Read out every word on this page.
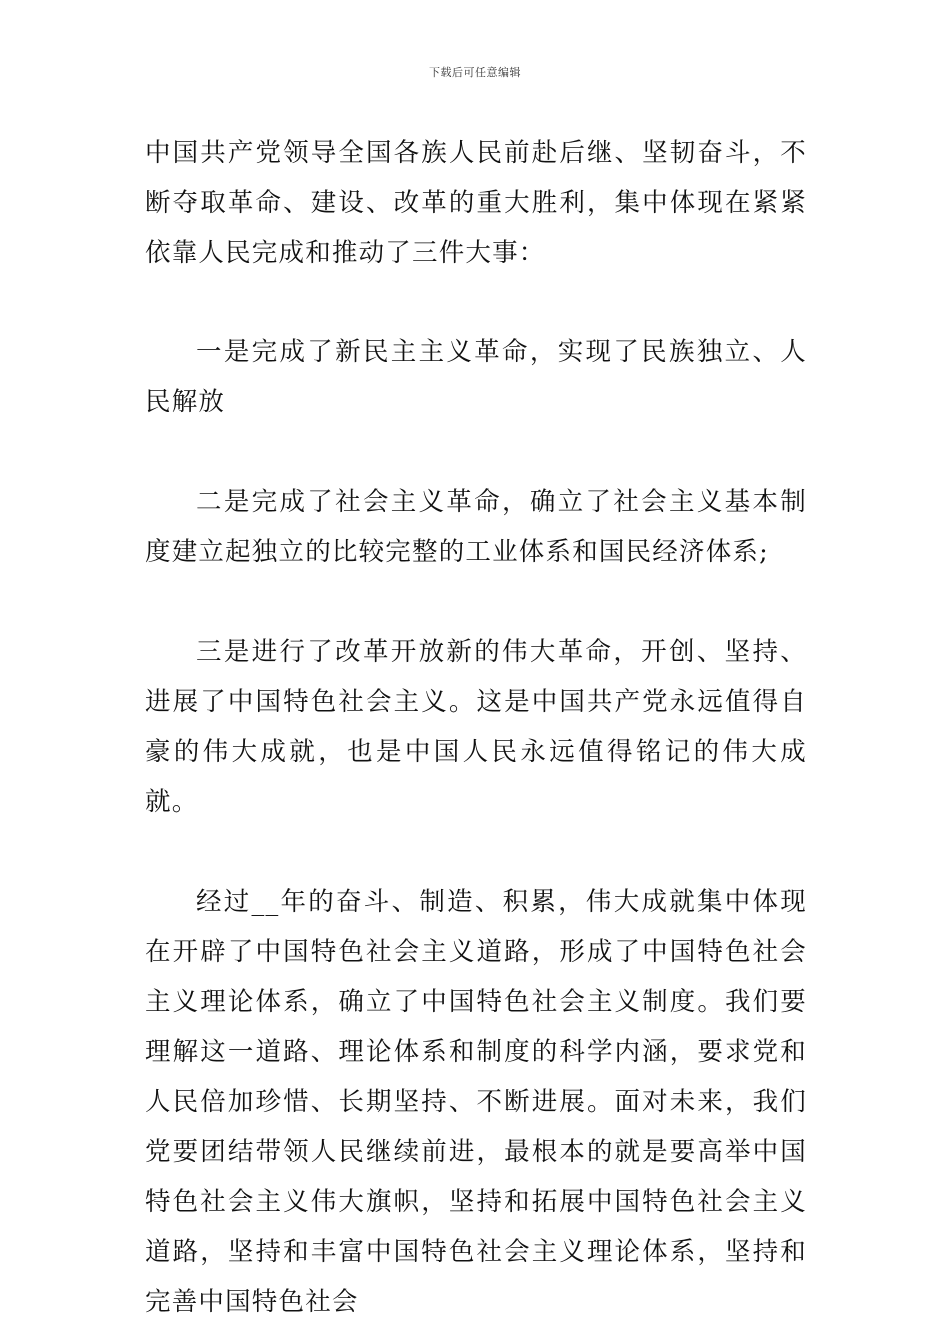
下载后可任意编辑

中国共产党领导全国各族人民前赴后继、坚韧奋斗，不断夺取革命、建设、改革的重大胜利，集中体现在紧紧依靠人民完成和推动了三件大事：

一是完成了新民主主义革命，实现了民族独立、人民解放

二是完成了社会主义革命，确立了社会主义基本制度建立起独立的比较完整的工业体系和国民经济体系;

三是进行了改革开放新的伟大革命，开创、坚持、进展了中国特色社会主义。这是中国共产党永远值得自豪的伟大成就，也是中国人民永远值得铭记的伟大成就。

经过__年的奋斗、制造、积累，伟大成就集中体现在开辟了中国特色社会主义道路，形成了中国特色社会主义理论体系，确立了中国特色社会主义制度。我们要理解这一道路、理论体系和制度的科学内涵，要求党和人民倍加珍惜、长期坚持、不断进展。面对未来，我们党要团结带领人民继续前进，最根本的就是要高举中国特色社会主义伟大旗帜，坚持和拓展中国特色社会主义道路，坚持和丰富中国特色社会主义理论体系，坚持和完善中国特色社会
